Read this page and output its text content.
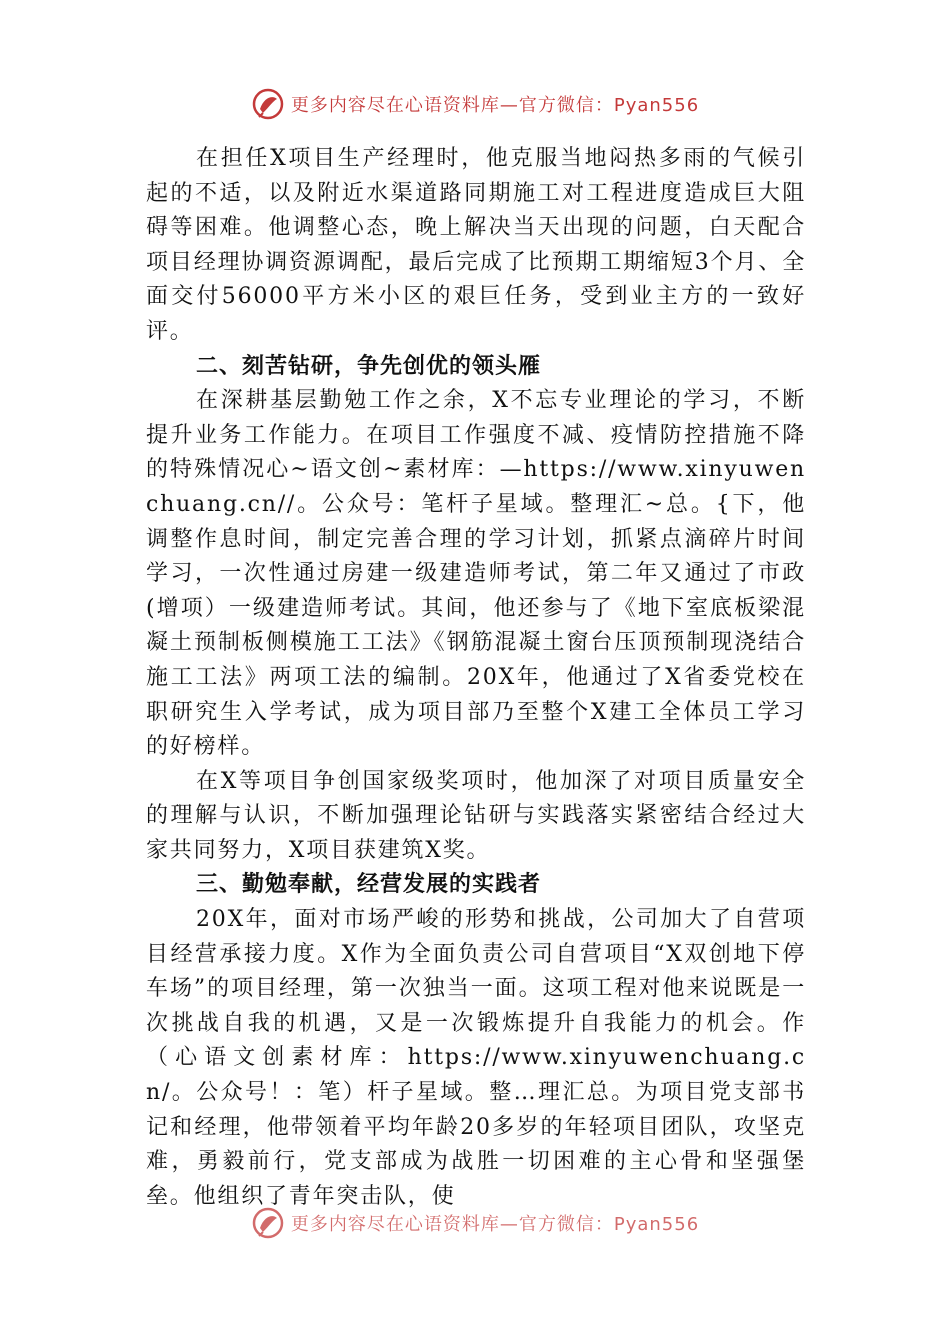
更多内容尽在心语资料库—官方微信：Pyan556

在担任X项目生产经理时，他克服当地闷热多雨的气候引起的不适，以及附近水渠道路同期施工对工程进度造成巨大阻碍等困难。他调整心态，晚上解决当天出现的问题，白天配合项目经理协调资源调配，最后完成了比预期工期缩短3个月、全面交付56000平方米小区的艰巨任务，受到业主方的一致好评。

二、刻苦钻研，争先创优的领头雁

在深耕基层勤勉工作之余，X不忘专业理论的学习，不断提升业务工作能力。在项目工作强度不减、疫情防控措施不降的特殊情况心~语文创~素材库：—https://www.xinyuwenchuang.cn//。公众号：笔杆子星域。整理汇~总。{下，他调整作息时间，制定完善合理的学习计划，抓紧点滴碎片时间学习，一次性通过房建一级建造师考试，第二年又通过了市政(增项）一级建造师考试。其间，他还参与了《地下室底板梁混凝土预制板侧模施工工法》《钢筋混凝土窗台压顶预制现浇结合施工工法》两项工法的编制。20X年，他通过了X省委党校在职研究生入学考试，成为项目部乃至整个X建工全体员工学习的好榜样。

在X等项目争创国家级奖项时，他加深了对项目质量安全的理解与认识，不断加强理论钻研与实践落实紧密结合经过大家共同努力，X项目获建筑X奖。

三、勤勉奉献，经营发展的实践者

20X年，面对市场严峻的形势和挑战，公司加大了自营项目经营承接力度。X作为全面负责公司自营项目“X双创地下停车场”的项目经理，第一次独当一面。这项工程对他来说既是一次挑战自我的机遇，又是一次锻炼提升自我能力的机会。作（心语文创素材库：https://www.xinyuwenchuang.cn/。公众号！：笔）杆子星域。整…理汇总。为项目党支部书记和经理，他带领着平均年龄20多岁的年轻项目团队，攻坚克难，勇毅前行，党支部成为战胜一切困难的主心骨和坚强堡垒。他组织了青年突击队，使

更多内容尽在心语资料库—官方微信：Pyan556
